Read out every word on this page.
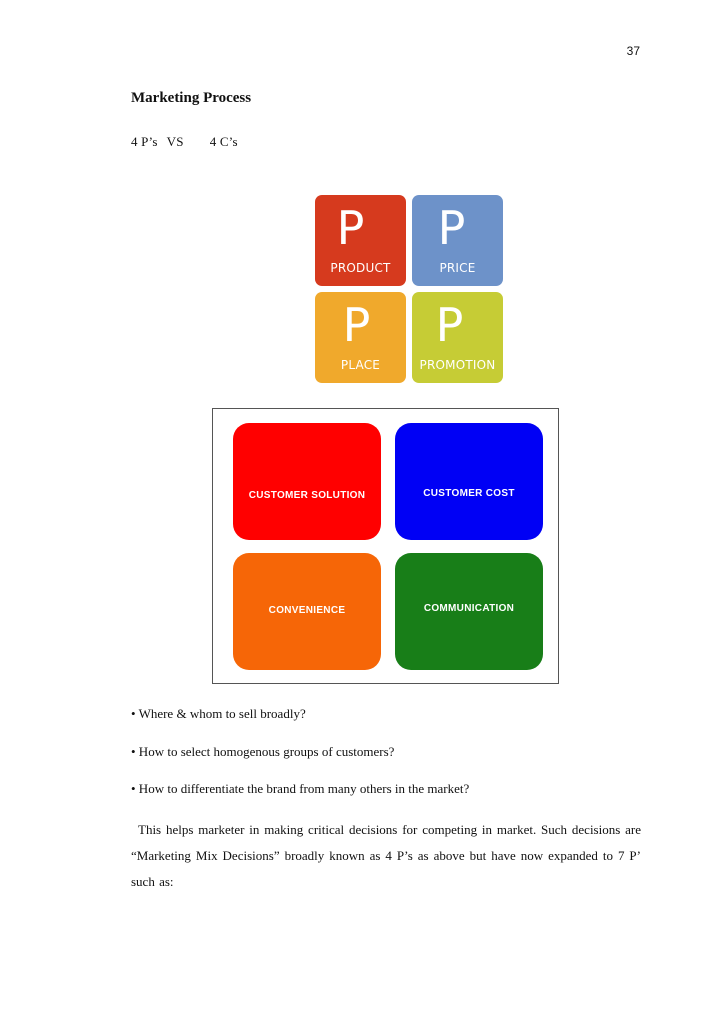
37
Marketing Process
4 P’s VS 4 C’s
P
PRODUCT
P
PRICE
P
PLACE
P
PROMOTION
CUSTOMER SOLUTION	CUSTOMER COST
CONVENIENCE	COMMUNICATION
• Where & whom to sell broadly?
• How to select homogenous groups of customers?
• How to differentiate the brand from many others in the market?
This helps marketer in making critical decisions for competing in market. Such decisions are “Marketing Mix Decisions” broadly known as 4 P’s as above but have now expanded to 7 P’ such as:
